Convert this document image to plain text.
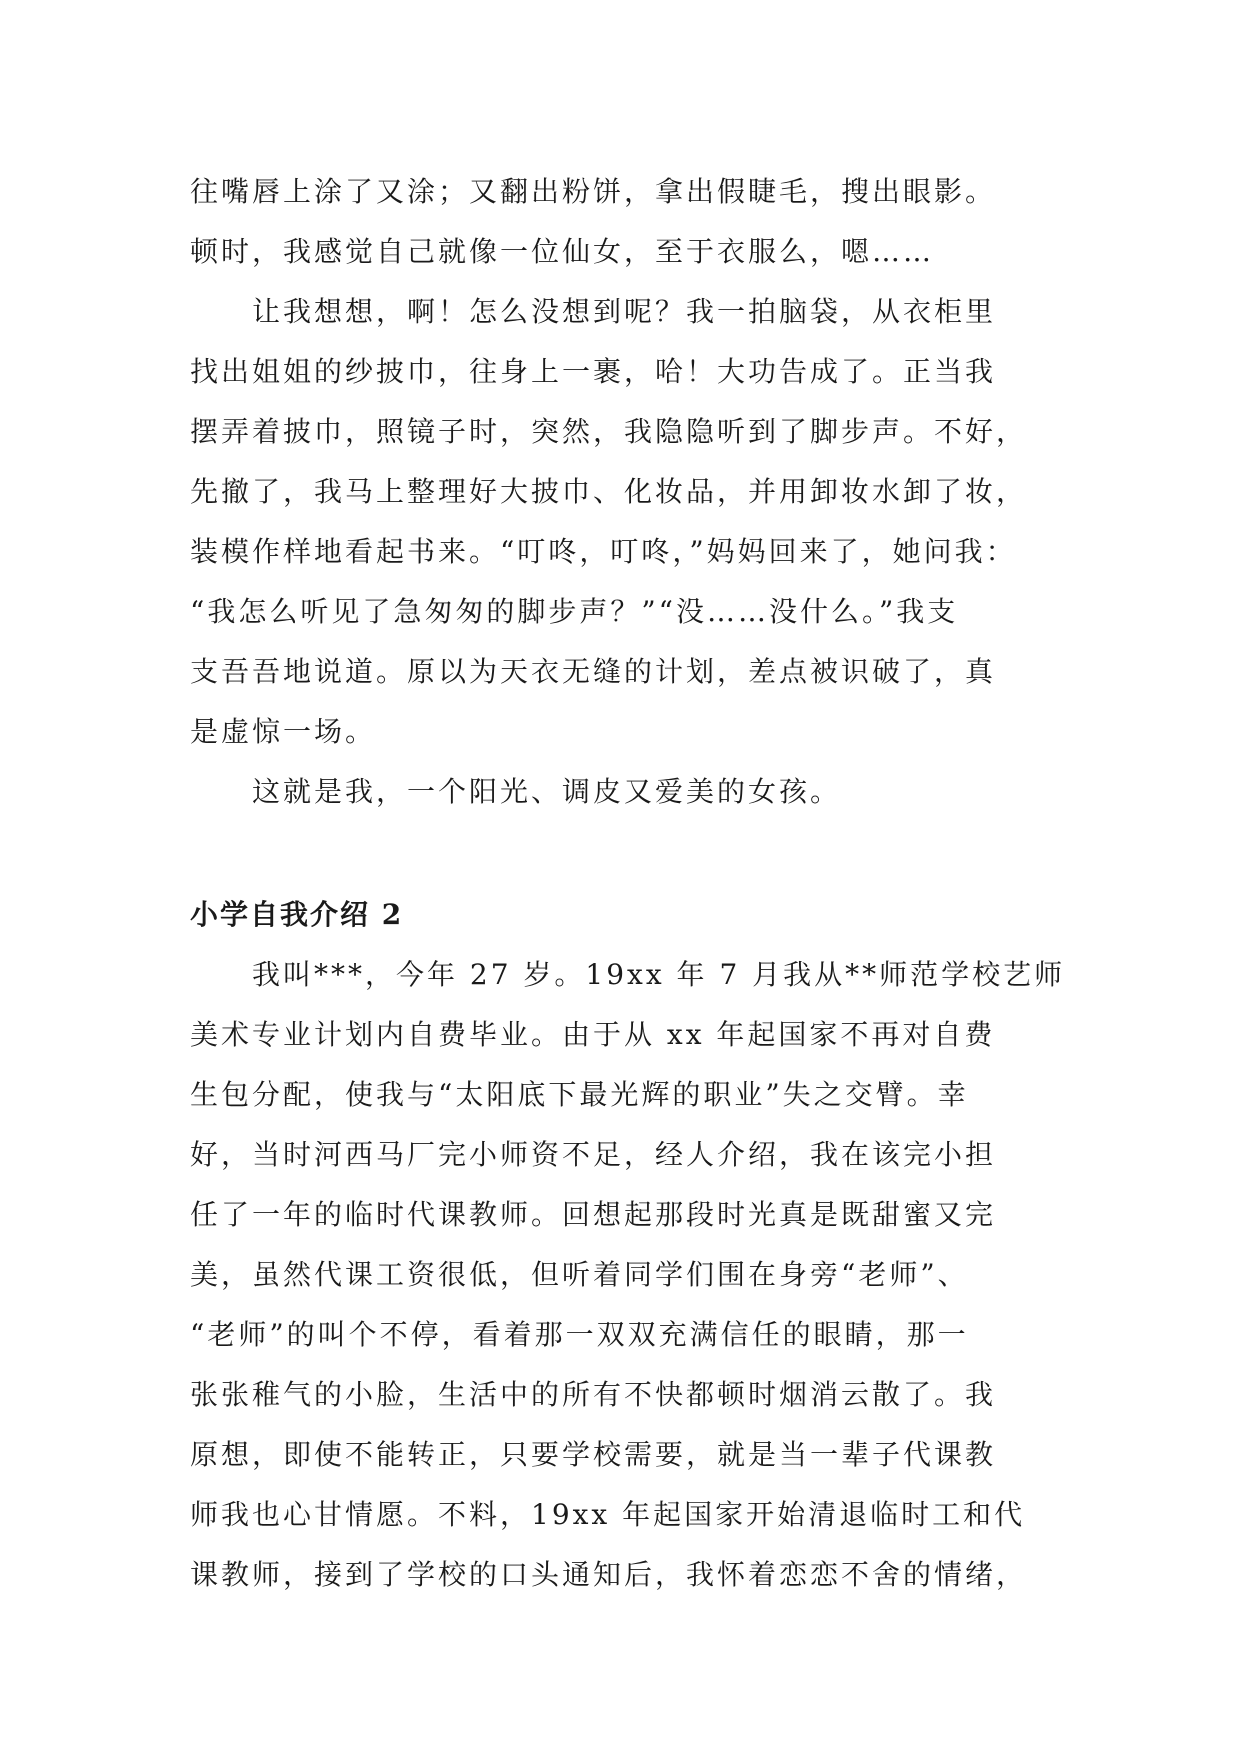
往嘴唇上涂了又涂；又翻出粉饼，拿出假睫毛，搜出眼影。
顿时，我感觉自己就像一位仙女，至于衣服么，嗯……

让我想想，啊！怎么没想到呢？我一拍脑袋，从衣柜里
找出姐姐的纱披巾，往身上一裹，哈！大功告成了。正当我
摆弄着披巾，照镜子时，突然，我隐隐听到了脚步声。不好，
先撤了，我马上整理好大披巾、化妆品，并用卸妆水卸了妆，
装模作样地看起书来。“叮咚，叮咚，”妈妈回来了，她问我：
“我怎么听见了急匆匆的脚步声？”“没……没什么。”我支
支吾吾地说道。原以为天衣无缝的计划，差点被识破了，真
是虚惊一场。

这就是我，一个阳光、调皮又爱美的女孩。

小学自我介绍 2

我叫***，今年 27 岁。19xx 年 7 月我从**师范学校艺师
美术专业计划内自费毕业。由于从 xx 年起国家不再对自费
生包分配，使我与“太阳底下最光辉的职业”失之交臂。幸
好，当时河西马厂完小师资不足，经人介绍，我在该完小担
任了一年的临时代课教师。回想起那段时光真是既甜蜜又完
美，虽然代课工资很低，但听着同学们围在身旁“老师”、
“老师”的叫个不停，看着那一双双充满信任的眼睛，那一
张张稚气的小脸，生活中的所有不快都顿时烟消云散了。我
原想，即使不能转正，只要学校需要，就是当一辈子代课教
师我也心甘情愿。不料，19xx 年起国家开始清退临时工和代
课教师，接到了学校的口头通知后，我怀着恋恋不舍的情绪，
